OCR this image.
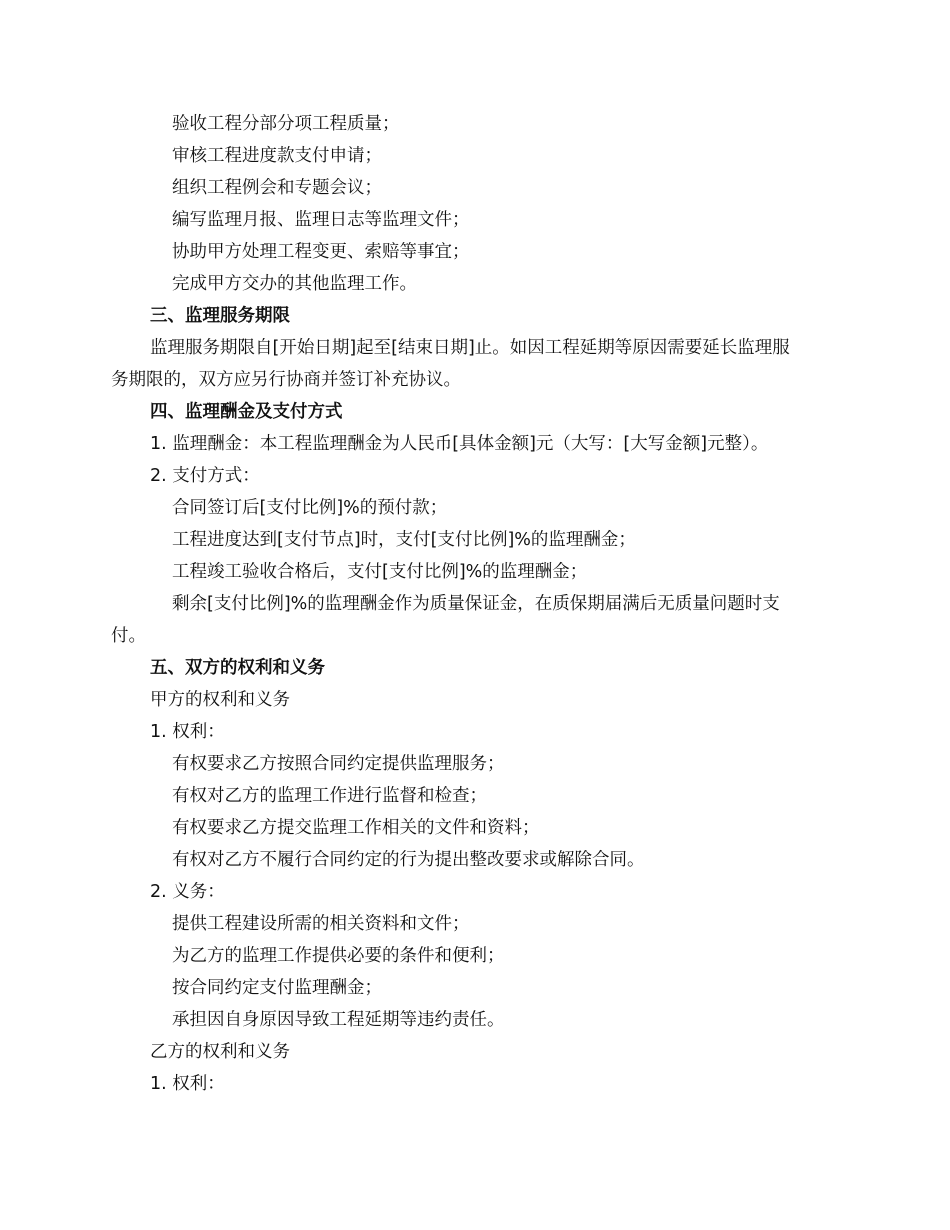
验收工程分部分项工程质量；
审核工程进度款支付申请；
组织工程例会和专题会议；
编写监理月报、监理日志等监理文件；
协助甲方处理工程变更、索赔等事宜；
完成甲方交办的其他监理工作。
三、监理服务期限
监理服务期限自[开始日期]起至[结束日期]止。如因工程延期等原因需要延长监理服
务期限的，双方应另行协商并签订补充协议。
四、监理酬金及支付方式
1. 监理酬金：本工程监理酬金为人民币[具体金额]元（大写：[大写金额]元整）。
2. 支付方式：
合同签订后[支付比例]%的预付款；
工程进度达到[支付节点]时，支付[支付比例]%的监理酬金；
工程竣工验收合格后，支付[支付比例]%的监理酬金；
剩余[支付比例]%的监理酬金作为质量保证金，在质保期届满后无质量问题时支
付。
五、双方的权利和义务
甲方的权利和义务
1. 权利：
有权要求乙方按照合同约定提供监理服务；
有权对乙方的监理工作进行监督和检查；
有权要求乙方提交监理工作相关的文件和资料；
有权对乙方不履行合同约定的行为提出整改要求或解除合同。
2. 义务：
提供工程建设所需的相关资料和文件；
为乙方的监理工作提供必要的条件和便利；
按合同约定支付监理酬金；
承担因自身原因导致工程延期等违约责任。
乙方的权利和义务
1. 权利：
